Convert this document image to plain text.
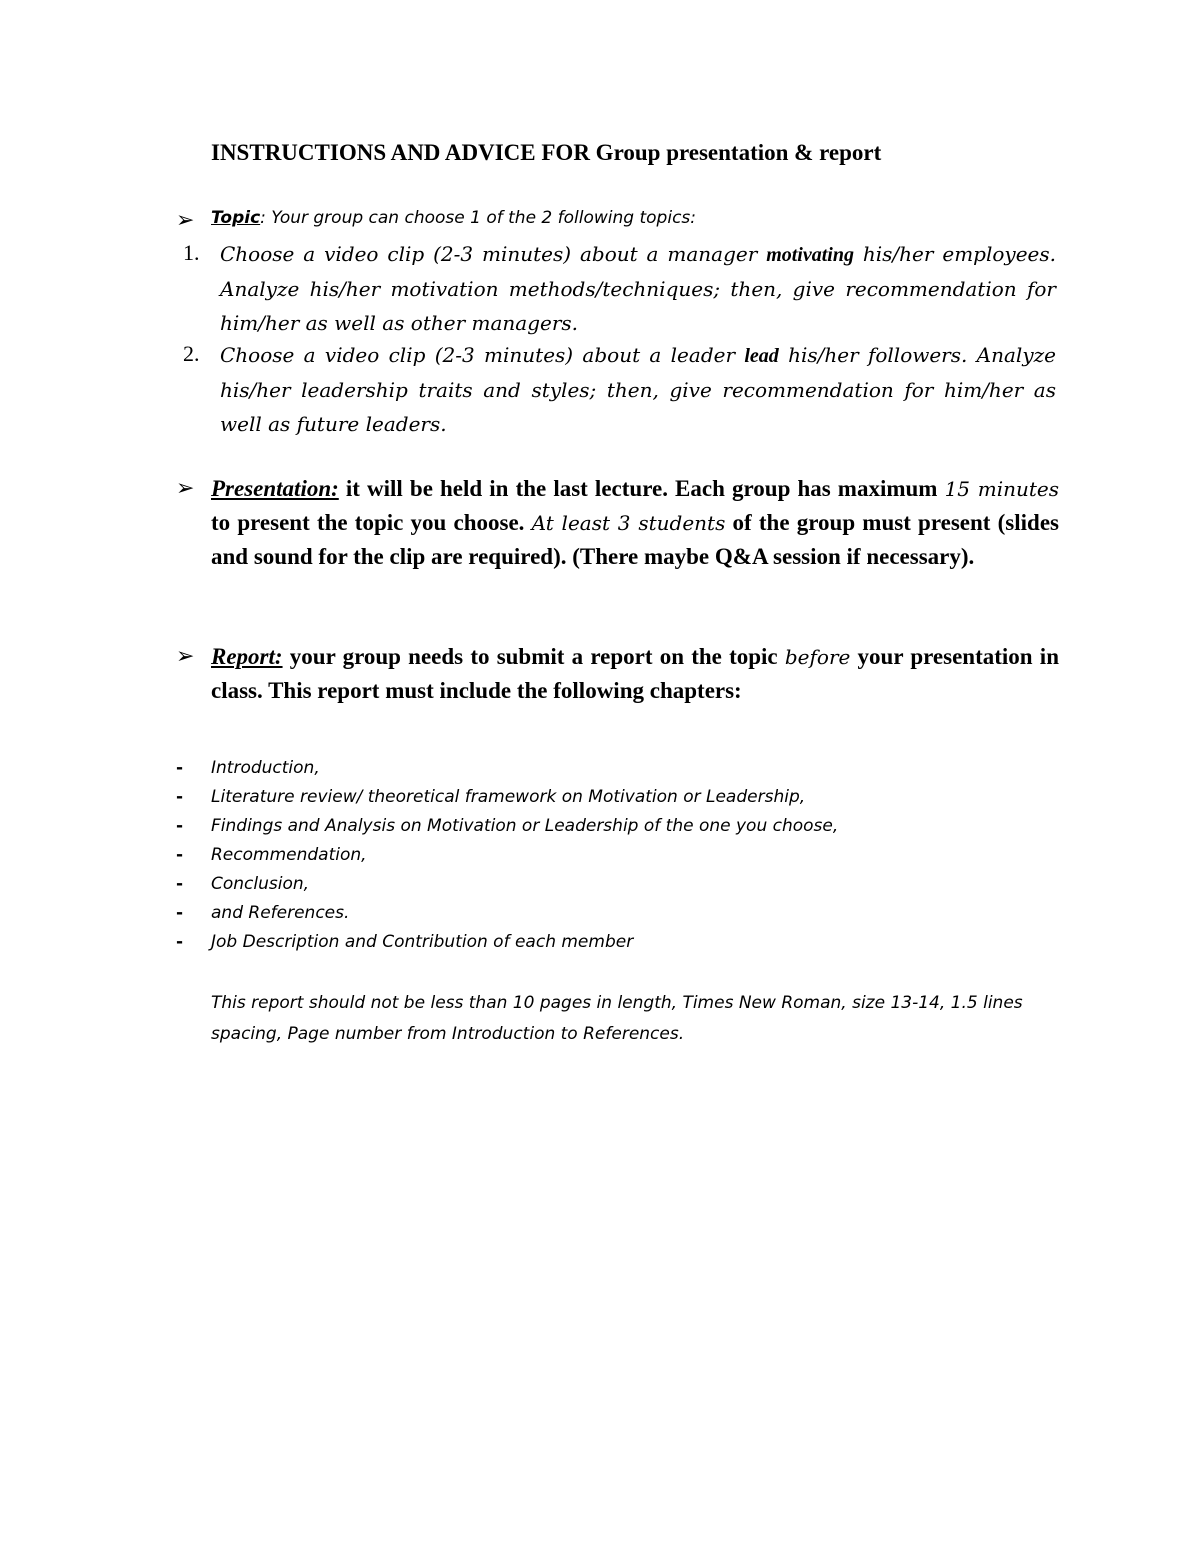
INSTRUCTIONS AND ADVICE FOR Group presentation & report
➢ Topic: Your group can choose 1 of the 2 following topics:
1. Choose a video clip (2-3 minutes) about a manager motivating his/her employees. Analyze his/her motivation methods/techniques; then, give recommendation for him/her as well as other managers.
2. Choose a video clip (2-3 minutes) about a leader lead his/her followers. Analyze his/her leadership traits and styles; then, give recommendation for him/her as well as future leaders.
➢ Presentation: it will be held in the last lecture. Each group has maximum 15 minutes to present the topic you choose. At least 3 students of the group must present (slides and sound for the clip are required). (There maybe Q&A session if necessary).
➢ Report: your group needs to submit a report on the topic before your presentation in class. This report must include the following chapters:
- Introduction,
- Literature review/ theoretical framework on Motivation or Leadership,
- Findings and Analysis on Motivation or Leadership of the one you choose,
- Recommendation,
- Conclusion,
- and References.
- Job Description and Contribution of each member
This report should not be less than 10 pages in length, Times New Roman, size 13-14, 1.5 lines spacing, Page number from Introduction to References.
